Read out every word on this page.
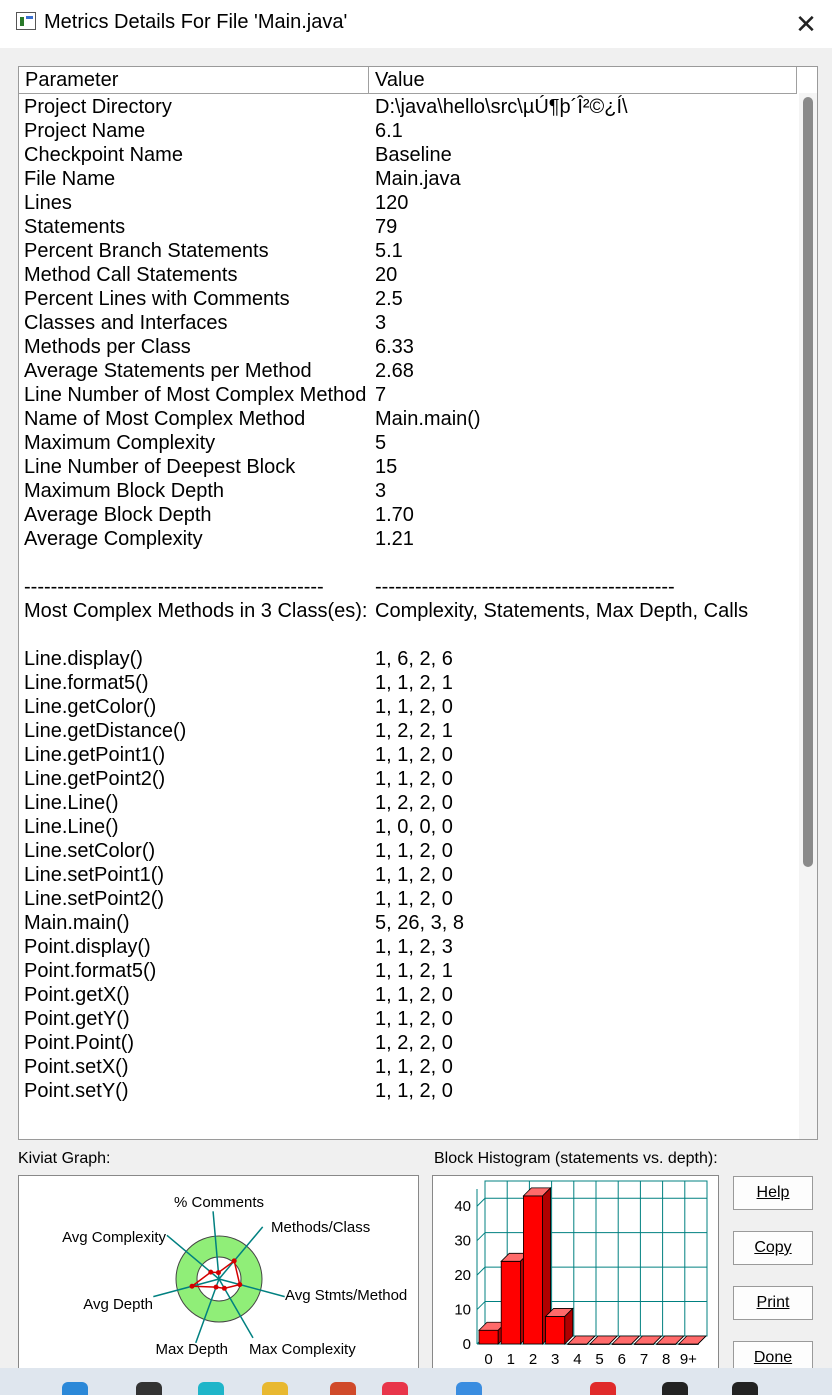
Metrics Details For File 'Main.java'	✕
Parameter	Value
Project Directory	D:\java\hello\src\µÚ¶þ´Î²©¿Í\
Project Name	6.1
Checkpoint Name	Baseline
File Name	Main.java
Lines	120
Statements	79
Percent Branch Statements	5.1
Method Call Statements	20
Percent Lines with Comments	2.5
Classes and Interfaces	3
Methods per Class	6.33
Average Statements per Method	2.68
Line Number of Most Complex Method 7
Name of Most Complex Method	Main.main()
Maximum Complexity	5
Line Number of Deepest Block	15
Maximum Block Depth	3
Average Block Depth	1.70
Average Complexity	1.21
---------------------------------------------	---------------------------------------------
Most Complex Methods in 3 Class(es): Complexity, Statements, Max Depth, Calls
Line.display()	1, 6, 2, 6
Line.format5()	1, 1, 2, 1
Line.getColor()	1, 1, 2, 0
Line.getDistance()	1, 2, 2, 1
Line.getPoint1()	1, 1, 2, 0
Line.getPoint2()	1, 1, 2, 0
Line.Line()	1, 2, 2, 0
Line.Line()	1, 0, 0, 0
Line.setColor()	1, 1, 2, 0
Line.setPoint1()	1, 1, 2, 0
Line.setPoint2()	1, 1, 2, 0
Main.main()	5, 26, 3, 8
Point.display()	1, 1, 2, 3
Point.format5()	1, 1, 2, 1
Point.getX()	1, 1, 2, 0
Point.getY()	1, 1, 2, 0
Point.Point()	1, 2, 2, 0
Point.setX()	1, 1, 2, 0
Point.setY()	1, 1, 2, 0
Kiviat Graph:
% Comments
Methods/Class
Avg Stmts/Method
Max Complexity
Max Depth
Avg Depth
Avg Complexity
Block Histogram (statements vs. depth):
0
10
20
30
40
0 1 2 3 4 5 6 7 8 9+
Help
Copy
Print
Done
